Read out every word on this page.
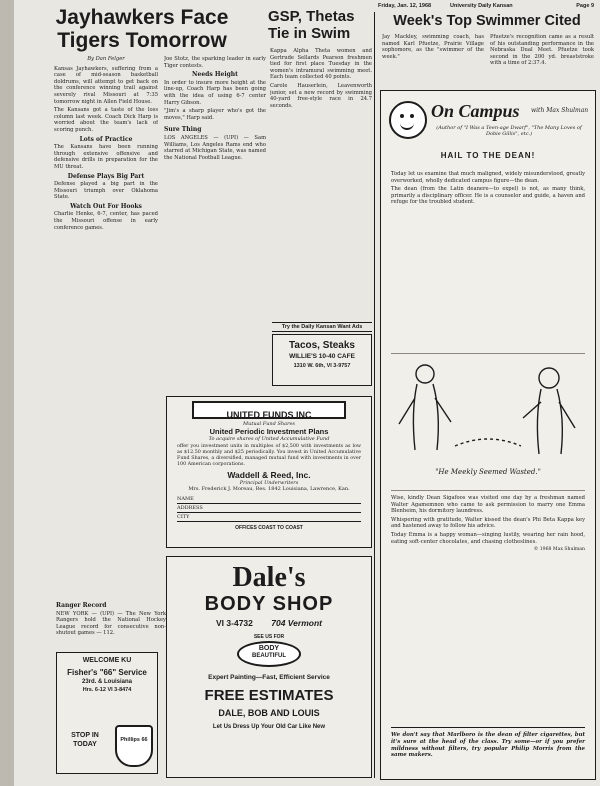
Friday, Jan. 12, 1968	University Daily Kansan	Page 9
Jayhawkers Face Tigers Tomorrow
By Dan Felger

Kansas Jayhawkers, suffering from a case of mid-season basketball doldrums, will attempt to get back on the conference winning trail against severely rival Missouri at 7:35 tomorrow night in Allen Field House.

The Kansans got a taste of the loss column last week. Coach Dick Harp is worried about the team's lack of scoring punch.

Lots of Practice

The Kansans have been running through extensive offensive and defensive drills in preparation for the MU threat.

Defense Plays Big Part

Defense played a big part in the Missouri triumph over Oklahoma State.

Watch Out For Hooks

Charlie Henke, 6-7, center, has paced the Missouri offense in early conference games.

Joe Stotz, the sparking leader in early Tiger contests.

Needs Height

In order to insure more height at the line-up, Coach Harp has been going with the idea of using 6-7 center Harry Gibson.

"Jim's a sharp player who's got the moves," Harp said.

Sure Thing

LOS ANGELES — (UPI) — Sam Williams, Los Angeles Rams end who starred at Michigan State, was named the National Football League.

Ranger Record

NEW YORK — (UPI) — The New York Rangers hold the National Hockey League record for consecutive non-shutout games — 112.

WELCOME KU
Fisher's "66" Service
23rd. & Louisiana
Hrs. 6-12 VI 3-8474
STOP IN TODAY
Phillips 66
GSP, Thetas Tie in Swim

Kappa Alpha Theta women and Gertrude Sellards Pearson freshmen tied for first place Tuesday in the women's intramural swimming meet. Each team collected 40 points.

Carole Hauserlein, Leavenworth junior, set a new record by swimming 40-yard free-style race in 24.7 seconds.

Try the Daily Kansan Want Ads
Tacos, Steaks
WILLIE'S 10-40 CAFE
1310 W. 6th, VI 3-9757
UNITED FUNDS INC
Mutual Fund Shares
United Periodic Investment Plans
To acquire shares of United Accumulative Fund
offer you investment units in multiples of $2,500 with investments as low as $12.50 monthly and $25 periodically. You invest in United Accumulative Fund Shares, a diversified, managed mutual fund with investments in over 100 American corporations.
Waddell & Reed, Inc.
Principal Underwriters
Mrs. Frederick J. Moreau, Res. 1842 Louisiana, Lawrence, Kan.
NAME
ADDRESS
CITY
OFFICES COAST TO COAST
Dale's
BODY SHOP
VI 3-4732 704 Vermont
SEE US FOR
BODY
BEAUTIFUL
Expert Painting—Fast, Efficient Service
FREE ESTIMATES
DALE, BOB AND LOUIS
Let Us Dress Up Your Old Car Like New
Week's Top Swimmer Cited

Jay Mackley, swimming coach, has named Karl Pfuetze, Prairie Village sophomore, as the "swimmer of the week."

Pfuetze's recognition came as a result of his outstanding performance in the Nebraska Dual Meet. Pfuetze took second in the 200 yd. breaststroke with a time of 2:37.4.

On Campus with Max Shulman
(Author of "I Was a Teen-age Dwarf", "The Many Loves of Dobie Gillis", etc.)
HAIL TO THE DEAN!

Today let us examine that much maligned, widely misunderstood, greatly overworked, wholly dedicated campus figure—the dean.

The dean (from the Latin deanere—to expel) is not, as many think, primarily a disciplinary officer. He is a counselor and guide, a haven and refuge for the troubled student.

"He Meekly Seemed Wasted."

Wise, kindly Dean Sigafoos was visited one day by a freshman named Walter Agamemnon who came to ask permission to marry one Emma Blenheim, his dormitory laundress.

Whispering with gratitude, Walter kissed the dean's Phi Beta Kappa key and hastened away to follow his advice.

Today Emma is a happy woman—singing lustily, wearing her rain hood, eating soft-center chocolates, and chasing clotheslines.

© 1968 Max Shulman
We don't say that Marlboro is the dean of filter cigarettes, but it's sure at the head of the class. Try some—or if you prefer mildness without filters, try popular Philip Morris from the same makers.
